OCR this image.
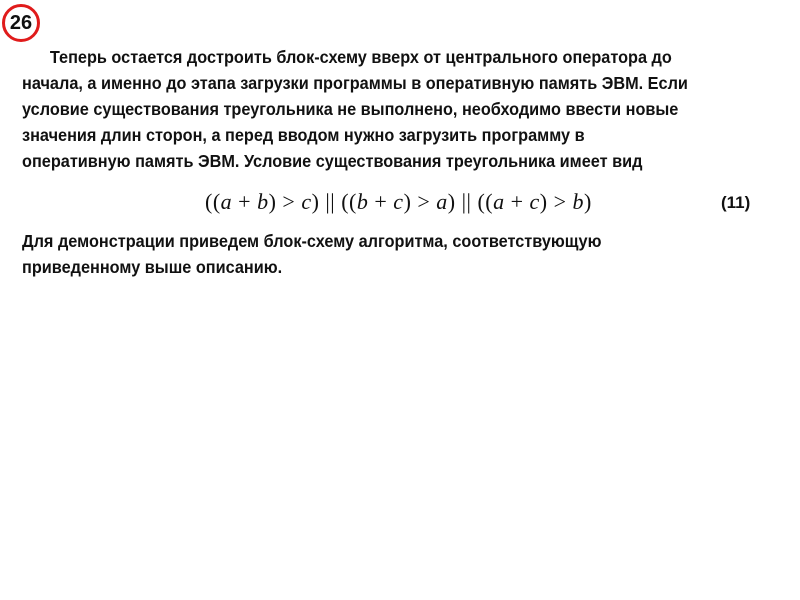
26

Теперь остается достроить блок-схему вверх от центрального оператора до
начала, а именно до этапа загрузки программы в оперативную память ЭВМ. Если
условие существования треугольника не выполнено, необходимо ввести новые
значения длин сторон, а перед вводом нужно загрузить программу в
оперативную память ЭВМ. Условие существования треугольника имеет вид

((a + b) > c) || ((b + c) > a) || ((a + c) > b)	(11)

Для демонстрации приведем блок-схему алгоритма, соответствующую
приведенному выше описанию.
